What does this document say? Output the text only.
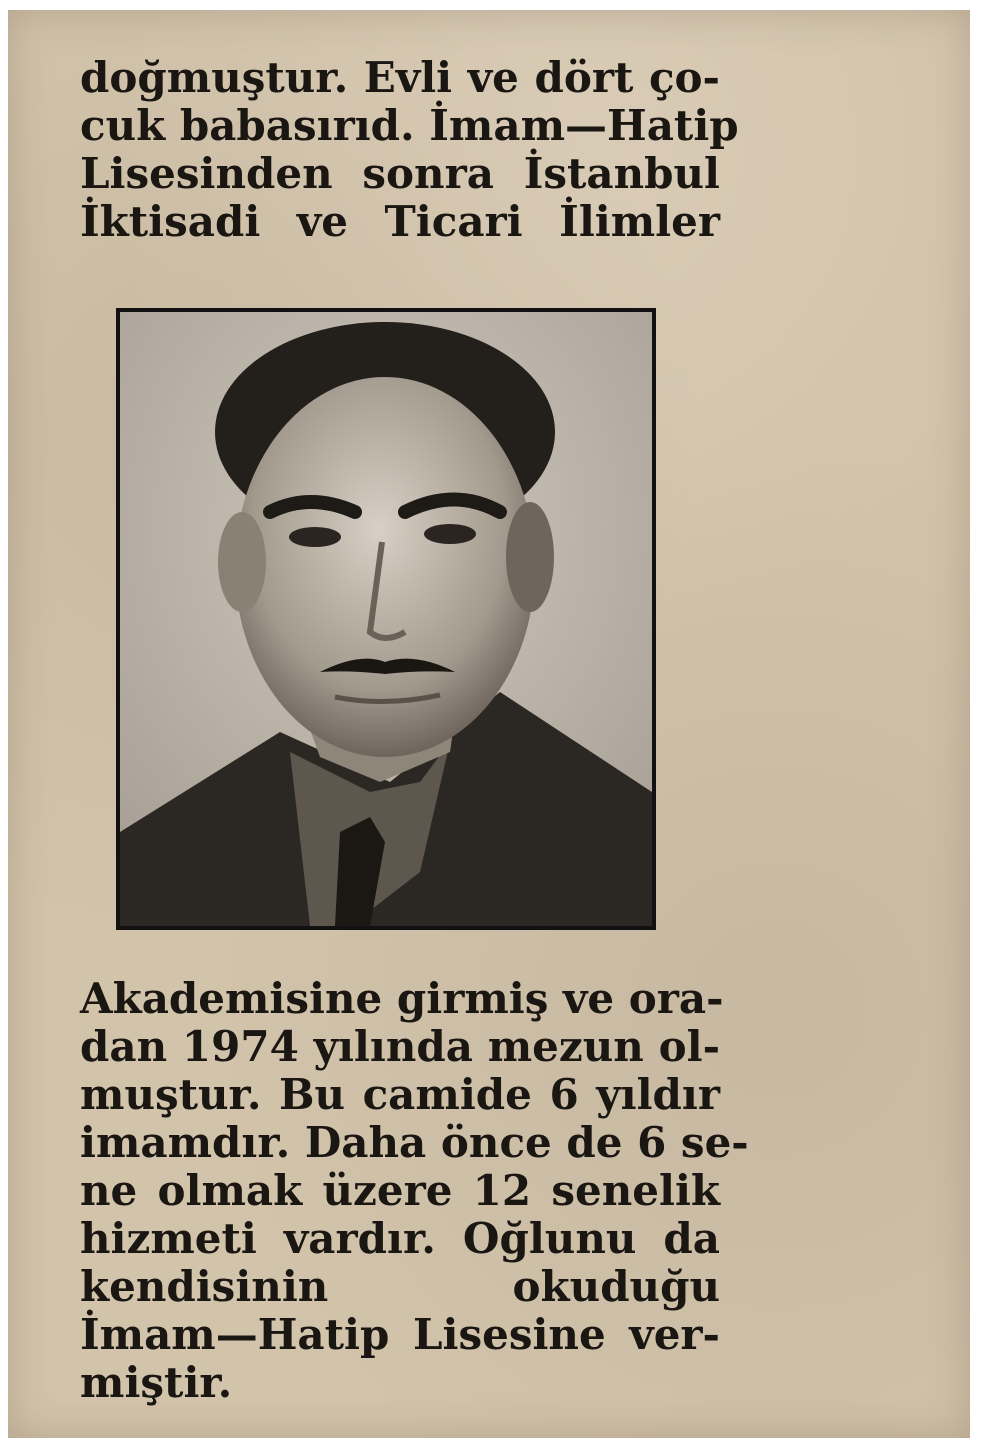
doğmuştur. Evli ve dört ço-
cuk babasırıd. İmam—Hatip
Lisesinden sonra İstanbul
İktisadi ve Ticari İlimler
Akademisine girmiş ve ora-
dan 1974 yılında mezun ol-
muştur. Bu camide 6 yıldır
imamdır. Daha önce de 6 se-
ne olmak üzere 12 senelik
hizmeti vardır. Oğlunu da
kendisinin okuduğu
İmam—Hatip Lisesine ver-
miştir.
